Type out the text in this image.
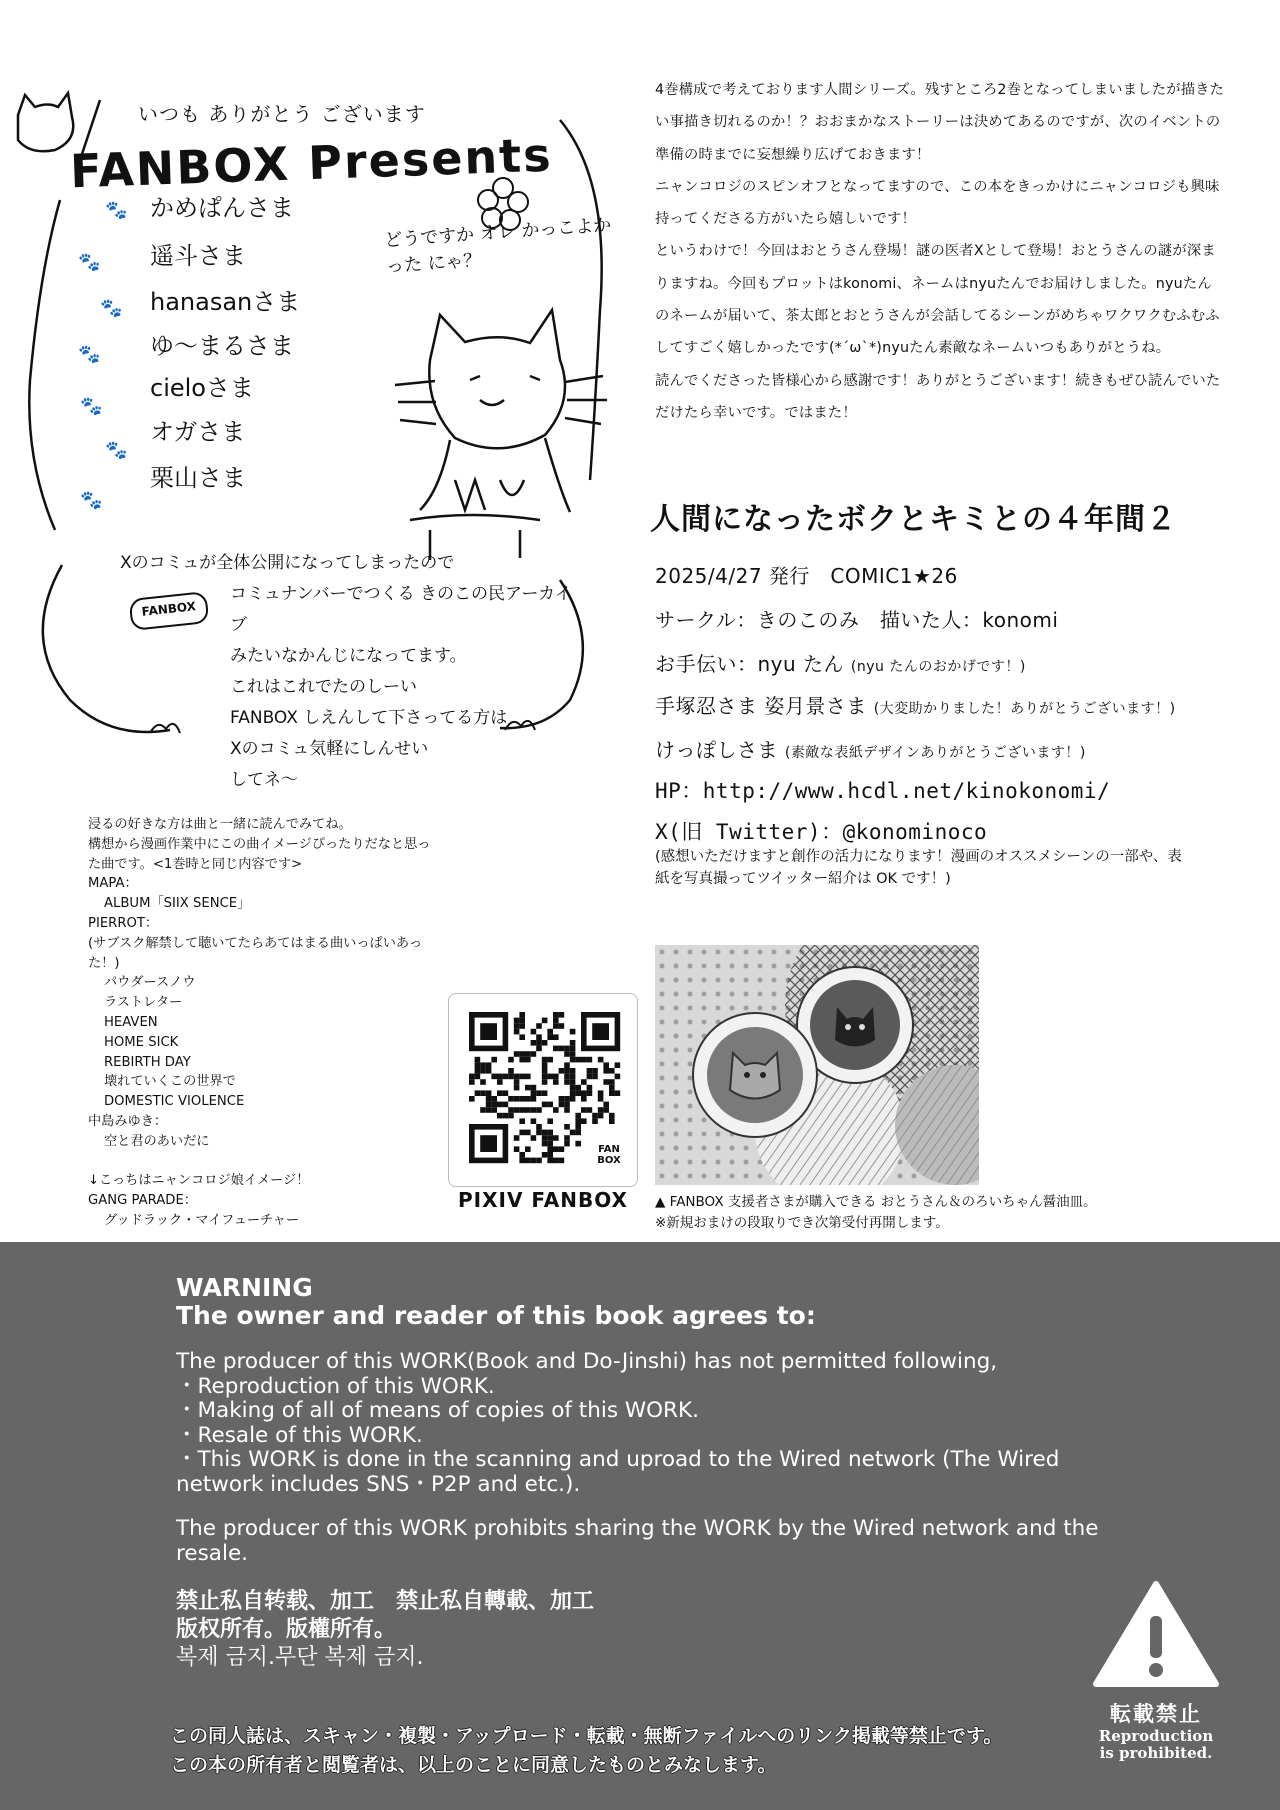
いつも ありがとう ございます
FANBOX Presents
🐾 かめぱんさま
🐾 遥斗さま
🐾 hanasanさま
🐾 ゆ〜まるさま
🐾
cieloさま
🐾
オガさま
🐾
栗山さま
どうですか オレ かっこよかった にゃ？
FANBOX
Xのコミュが全体公開になってしまったので
コミュナンバーでつくる きのこの民アーカイブ
みたいなかんじになってます。
これはこれでたのしーい
FANBOX しえんして下さってる方は
Xのコミュ気軽にしんせい
してネ〜
4巻構成で考えております人間シリーズ。残すところ2巻となってしまいましたが描きたい事描き切れるのか！？おおまかなストーリーは決めてあるのですが、次のイベントの準備の時までに妄想繰り広げておきます！
ニャンコロジのスピンオフとなってますので、この本をきっかけにニャンコロジも興味持ってくださる方がいたら嬉しいです！
というわけで！今回はおとうさん登場！謎の医者Xとして登場！おとうさんの謎が深まりますね。今回もプロットはkonomi、ネームはnyuたんでお届けしました。nyuたんのネームが届いて、茶太郎とおとうさんが会話してるシーンがめちゃワクワクむふむふしてすごく嬉しかったです(*´ω`*)nyuたん素敵なネームいつもありがとうね。
読んでくださった皆様心から感謝です！ありがとうございます！続きもぜひ読んでいただけたら幸いです。ではまた！
人間になったボクとキミとの４年間２
2025/4/27 発行　COMIC1★26
サークル：きのこのみ　描いた人：konomi
お手伝い：nyu たん (nyu たんのおかげです！)
手塚忍さま 姿月景さま (大変助かりました！ありがとうございます！)
けっぽしさま (素敵な表紙デザインありがとうございます！)
HP：http://www.hcdl.net/kinokonomi/
X(旧 Twitter)：@konominoco
(感想いただけますと創作の活力になります！漫画のオススメシーンの一部や、表紙を写真撮ってツイッター紹介は OK です！)
▲ FANBOX 支援者さまが購入できる おとうさん＆のろいちゃん醤油皿。
※新規おまけの段取りでき次第受付再開します。
浸るの好きな方は曲と一緒に読んでみてね。
構想から漫画作業中にこの曲イメージぴったりだなと思った曲です。<1巻時と同じ内容です>
MAPA：
ALBUM「SIIX SENCE」
PIERROT：
(サブスク解禁して聴いてたらあてはまる曲いっぱいあった！)
パウダースノウ
ラストレター
HEAVEN
HOME SICK
REBIRTH DAY
壊れていくこの世界で
DOMESTIC VIOLENCE
中島みゆき：
空と君のあいだに
↓こっちはニャンコロジ娘イメージ！
GANG PARADE：
グッドラック・マイフューチャー
FAN BOX
PIXIV FANBOX
WARNING
The owner and reader of this book agrees to:
The producer of this WORK(Book and Do-Jinshi) has not permitted following,
・Reproduction of this WORK.
・Making of all of means of copies of this WORK.
・Resale of this WORK.
・This WORK is done in the scanning and uproad to the Wired network (The Wired network includes SNS・P2P and etc.).
The producer of this WORK prohibits sharing the WORK by the Wired network and the resale.
禁止私自转载、加工　禁止私自轉載、加工
版权所有。版權所有。
복제 금지.무단 복제 금지.
この同人誌は、スキャン・複製・アップロード・転載・無断ファイルへのリンク掲載等禁止です。
この本の所有者と閲覧者は、以上のことに同意したものとみなします。
転載禁止
Reproduction
is prohibited.
